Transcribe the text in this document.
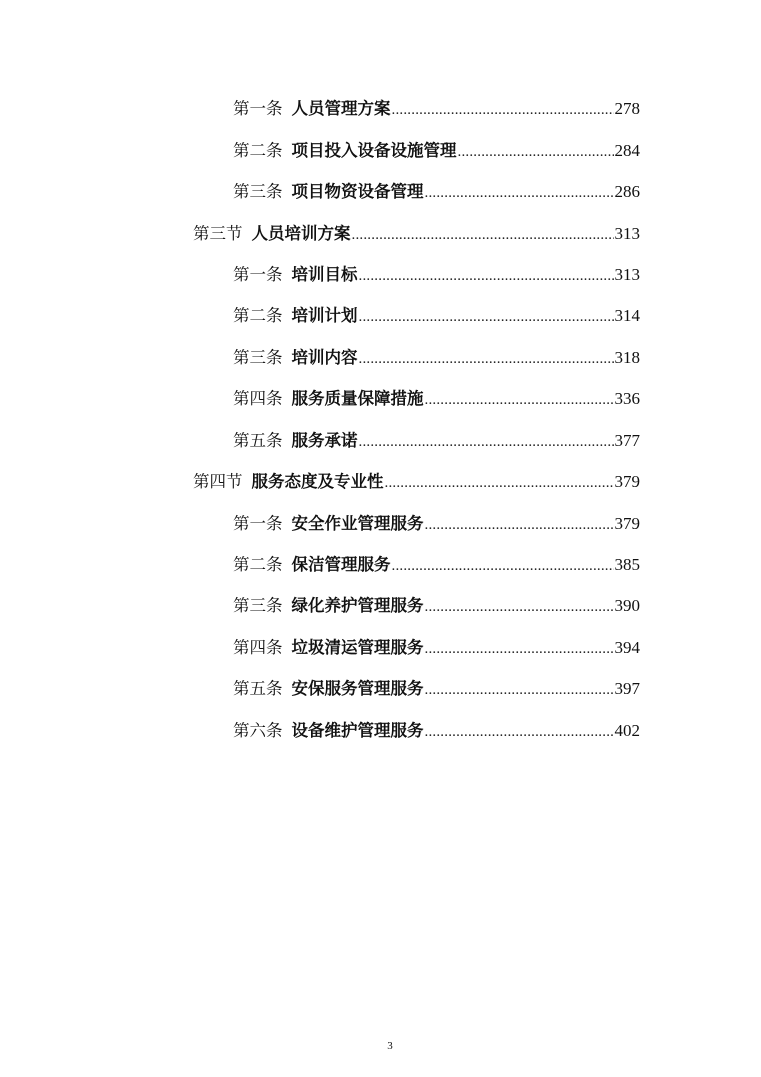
第一条 人员管理方案 .....	278
第二条 项目投入设备设施管理 .....	284
第三条 项目物资设备管理 .....	286
第三节 人员培训方案 .....	313
第一条 培训目标 .....	313
第二条 培训计划 .....	314
第三条 培训内容 .....	318
第四条 服务质量保障措施 .....	336
第五条 服务承诺 .....	377
第四节 服务态度及专业性 .....	379
第一条 安全作业管理服务 .....	379
第二条 保洁管理服务 .....	385
第三条 绿化养护管理服务 .....	390
第四条 垃圾清运管理服务 .....	394
第五条 安保服务管理服务 .....	397
第六条 设备维护管理服务 .....	402
3
